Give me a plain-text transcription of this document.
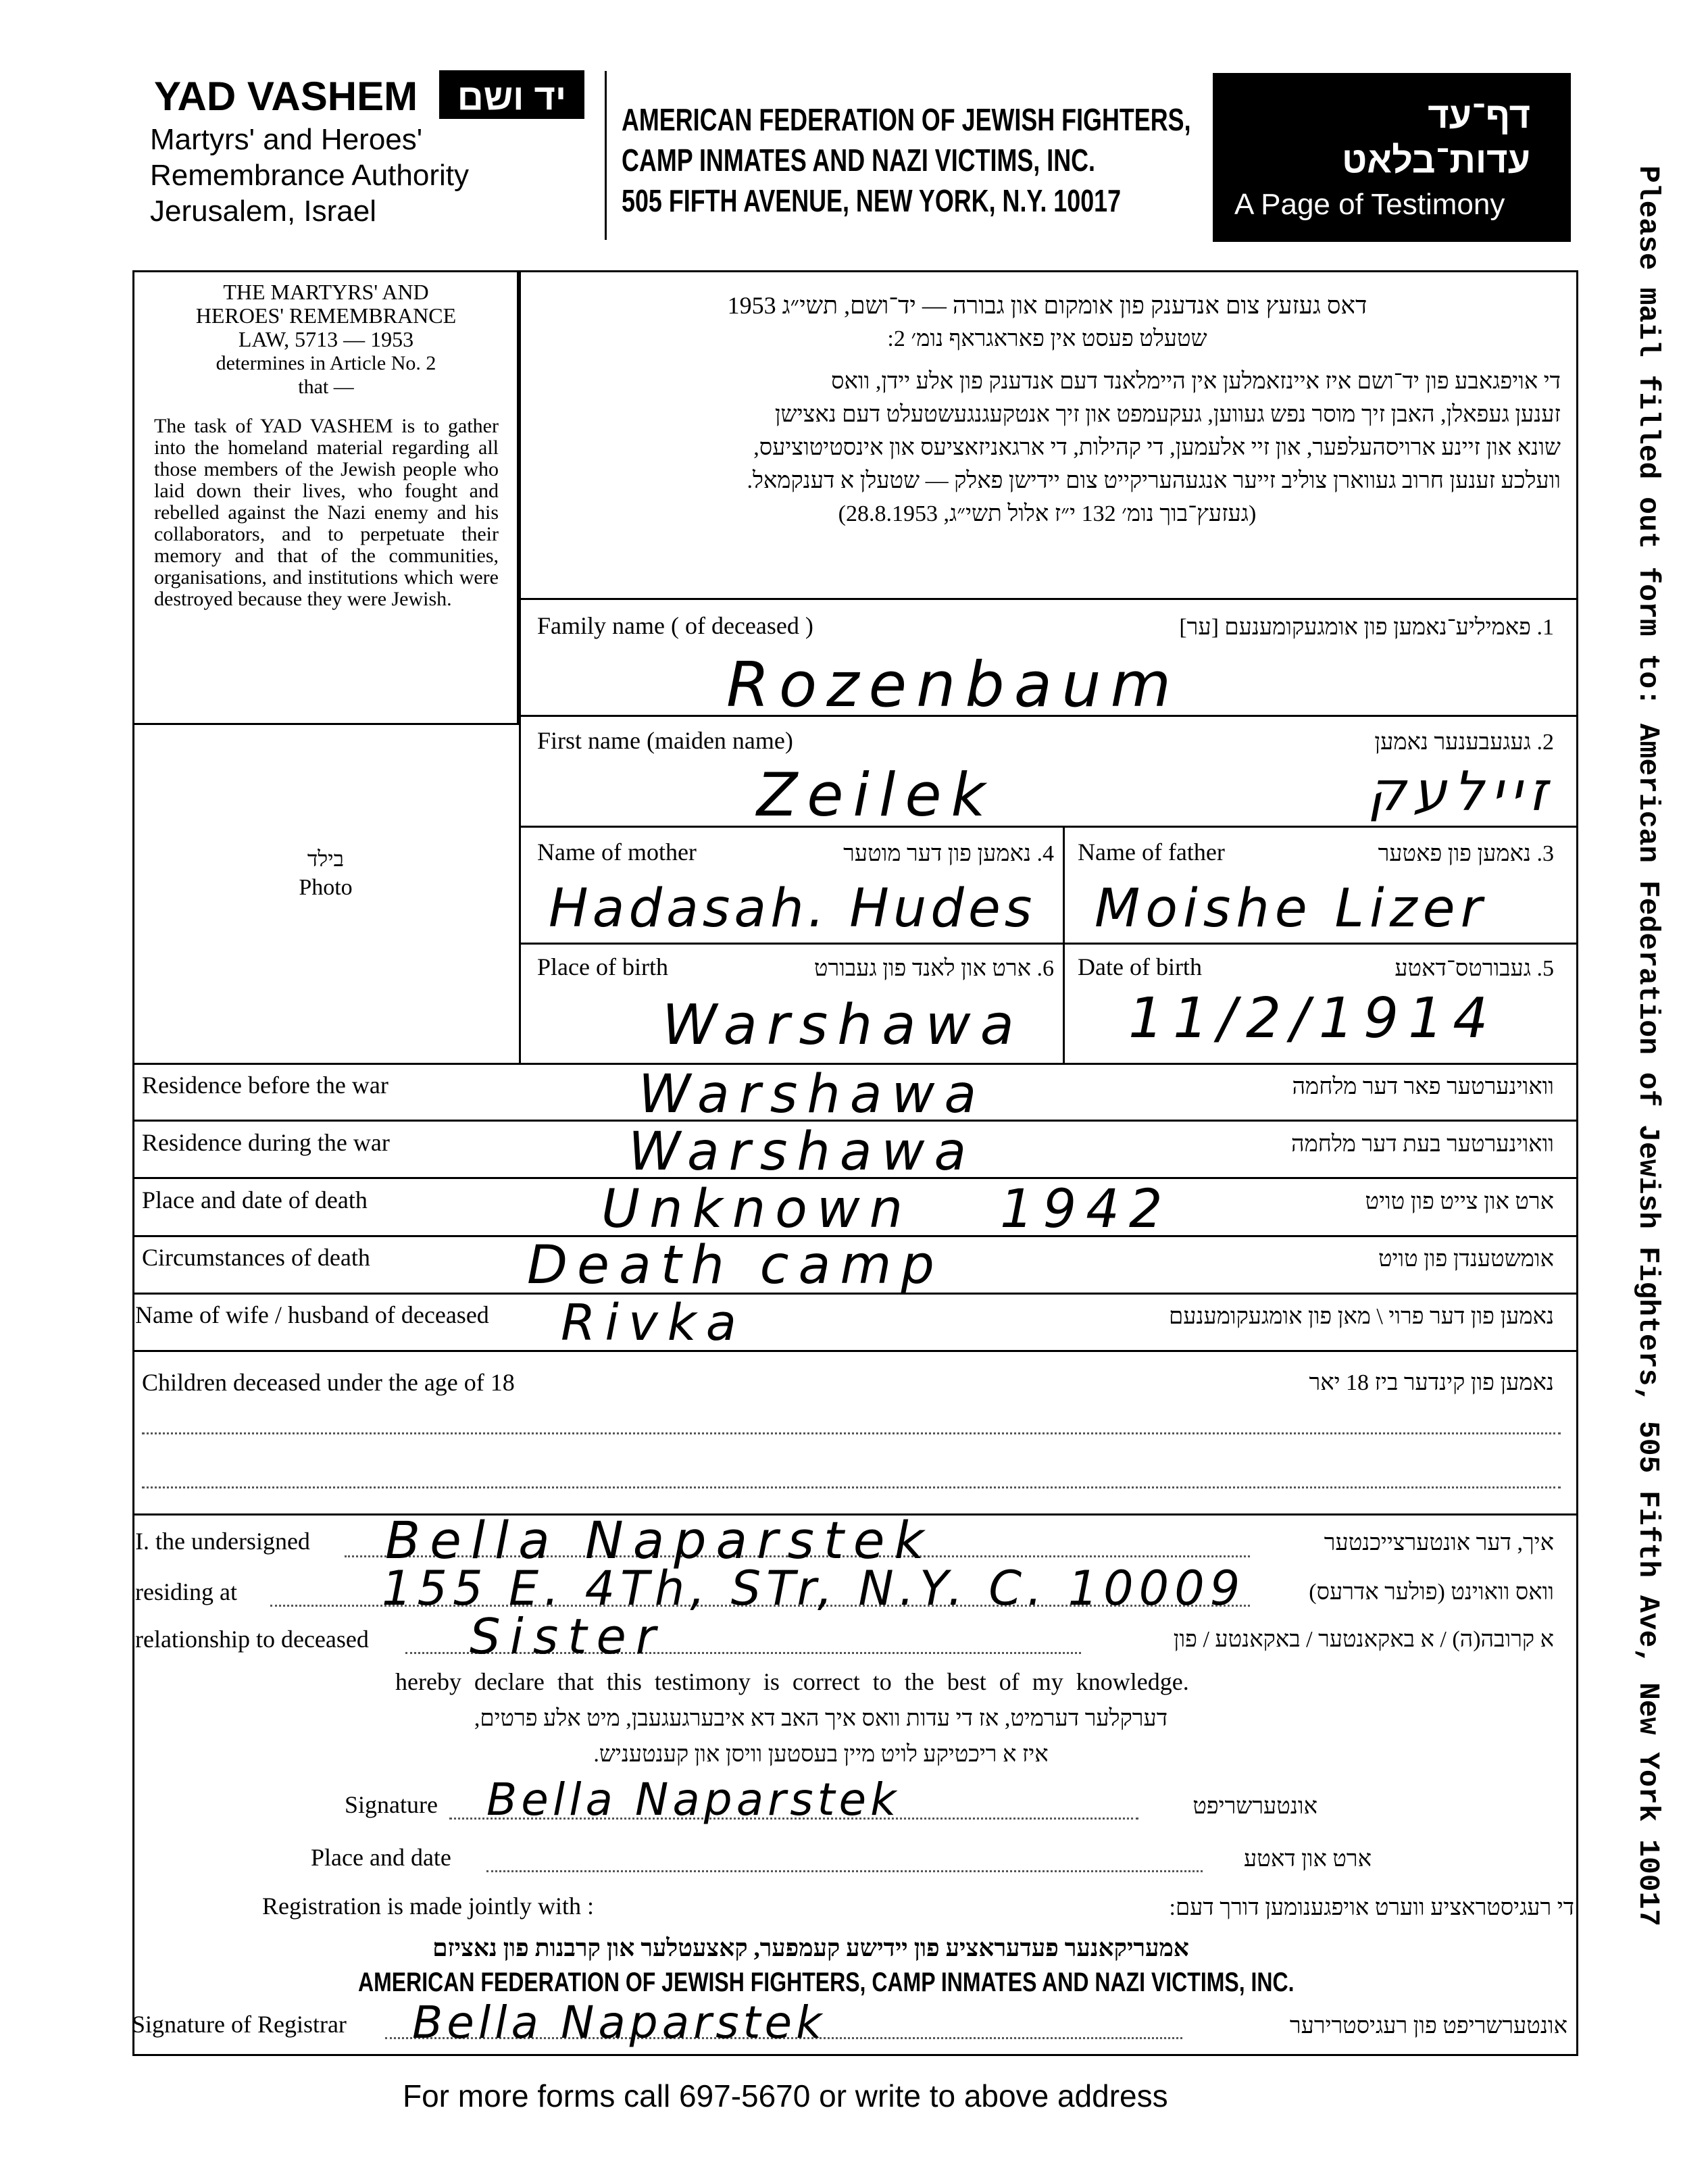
YAD VASHEM	יד ושם
Martyrs' and Heroes'
Remembrance Authority
Jerusalem, Israel
AMERICAN FEDERATION OF JEWISH FIGHTERS,
CAMP INMATES AND NAZI VICTIMS, INC.
505 FIFTH AVENUE, NEW YORK, N.Y. 10017
דף־עד
עדות־בלאט
A Page of Testimony	Please mail filled out form to: American Federation of Jewish Fighters, 505 Fifth Ave, New York 10017
THE MARTYRS' AND
HEROES' REMEMBRANCE
LAW, 5713 — 1953
determines in Article No. 2
that —
The task of YAD VASHEM is to gather into the homeland material regarding all those members of the Jewish people who laid down their lives, who fought and rebelled against the Nazi enemy and his collaborators, and to perpetuate their memory and that of the communities, organisations, and institutions which were destroyed because they were Jewish.
בילד
Photo
דאס געזעץ צום אנדענק פון אומקום און גבורה — יד־ושם, תשי״ג 1953
שטעלט פעסט אין פאראגראף נומ׳ 2:
די אויפגאבע פון יד־ושם איז איינזאמלען אין היימלאנד דעם אנדענק פון אלע יידן, וואס
זענען געפאלן, האבן זיך מוסר נפש געווען, געקעמפט און זיך אנטקעגנגעשטעלט דעם נאצישן
שונא און זיינע ארויסהעלפער, און זיי אלעמען, די קהילות, די ארגאניזאציעס און אינסטיטוציעס,
וועלכע זענען חרוב געווארן צוליב זייער אנגעהעריקייט צום יידישן פאלק — שטעלן א דענקמאל.
(געזעץ־בוך נומ׳ 132 י״ז אלול תשי״ג, 28.8.1953)
Family name ( of deceased )	1. פאמיליע־נאמען פון אומגעקומענעם [ער]
Rozenbaum
First name (maiden name)	2. געגעבענער נאמען
Zeilek	זיילעק
Name of mother	4. נאמען פון דער מוטער
Hadasah. Hudes
Name of father	3. נאמען פון פאטער
Moishe Lizer
Place of birth	6. ארט און לאנד פון געבורט
Warshawa
Date of birth	5. געבורטס־דאטע
11/2/1914
Residence before the war	וואוינערטער פאר דער מלחמה
Warshawa
Residence during the war	וואוינערטער בעת דער מלחמה
Warshawa
Place and date of death	ארט און צייט פון טויט
Unknown 1942
Circumstances of death	אומשטענדן פון טויט
Death camp
Name of wife / husband of deceased	נאמען פון דער פרוי \ מאן פון אומגעקומענעם
Rivka
Children deceased under the age of 18	נאמען פון קינדער ביז 18 יאר
I. the undersigned Bella Naparstek	איך, דער אונטערצייכנטער
residing at	155 E. 4Th, STr, N.Y. C. 10009	וואס וואוינט (פולער אדרעס)
relationship to deceased Sister	א קרובה(ה) / א באקאנטער / באקאנטע / פון
hereby declare that this testimony is correct to the best of my knowledge.
דערקלער דערמיט, אז די עדות וואס איך האב דא איבערגעגעבן, מיט אלע פרטים,
איז א ריכטיקע לויט מיין בעסטען וויסן און קענטעניש.
Signature Bella Naparstek	אונטערשריפט
Place and date	ארט און דאטע
Registration is made jointly with :	די רעגיסטראציע ווערט אויפגענומען דורך דעם:
אמעריקאנער פעדעראציע פון יידישע קעמפער, קאצעטלער און קרבנות פון נאציזם
AMERICAN FEDERATION OF JEWISH FIGHTERS, CAMP INMATES AND NAZI VICTIMS, INC.
Signature of Registrar Bella Naparstek	אונטערשריפט פון רעגיסטרירער
For more forms call 697-5670 or write to above address
